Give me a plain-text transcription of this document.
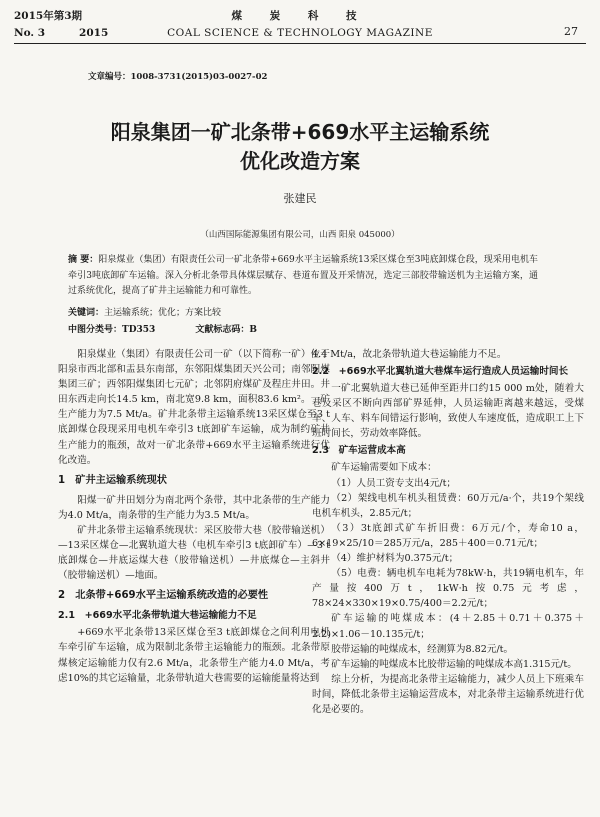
2015年第3期
No. 3	2015
煤 炭 科 技
COAL SCIENCE & TECHNOLOGY MAGAZINE	27
文章编号：1008-3731(2015)03-0027-02
阳泉集团一矿北条带+669水平主运输系统
优化改造方案
张建民
（山西国际能源集团有限公司，山西 阳泉 045000）
摘 要：阳泉煤业（集团）有限责任公司一矿北条带+669水平主运输系统13采区煤仓至3吨底卸煤仓段，现采用电机车牵引3吨底卸矿车运输。深入分析北条带具体煤层赋存、巷道布置及开采情况，选定三部胶带输送机为主运输方案，通过系统优化，提高了矿井主运输能力和可靠性。
关键词：主运输系统；优化；方案比较
中图分类号：TD353	文献标志码：B

阳泉煤业（集团）有限责任公司一矿（以下简称一矿）位于阳泉市西北部和盂县东南部，东邻阳煤集团天兴公司；南邻阳煤集团三矿；西邻阳煤集团七元矿；北邻阴府煤矿及程庄井田。井田东西走向长14.5 km，南北宽9.8 km，面积83.6 km²。一矿生产能力为7.5 Mt/a。矿井北条带主运输系统13采区煤仓至3 t底卸煤仓段现采用电机车牵引3 t底卸矿车运输，成为制约矿井生产能力的瓶颈，故对一矿北条带+669水平主运输系统进行优化改造。

1　矿井主运输系统现状

阳煤一矿井田划分为南北两个条带，其中北条带的生产能力为4.0 Mt/a，南条带的生产能力为3.5 Mt/a。

矿井北条带主运输系统现状：采区胶带大巷（胶带输送机）—13采区煤仓—北翼轨道大巷（电机车牵引3 t底卸矿车）—3 t底卸煤仓—井底运煤大巷（胶带输送机）—井底煤仓—主斜井（胶带输送机）—地面。

2　北条带+669水平主运输系统改造的必要性
2.1　+669水平北条带轨道大巷运输能力不足

+669水平北条带13采区煤仓至3 t底卸煤仓之间利用电机车牵引矿车运输，成为限制北条带主运输能力的瓶颈。北条带原煤核定运输能力仅有2.6 Mt/a，北条带生产能力4.0 Mt/a，考虑10%的其它运输量，北条带轨道大巷需要的运输能量将达到

4.4 Mt/a，故北条带轨道大巷运输能力不足。

2.2　+669水平北翼轨道大巷煤车运行造成人员运输时间长

一矿北翼轨道大巷已延伸至距井口约15 000 m处，随着大巷及采区不断向西部矿界延伸，人员运输距离越来越远，受煤车、人车、料车间错运行影响，致使人车速度低，造成职工上下班时间长，劳动效率降低。

2.3　矿车运营成本高

矿车运输需要如下成本：

（1）人员工资专支出4元/t；

（2）架线电机车机头租赁费：60万元/a·个，共19个架线电机车机头，2.85元/t；

（3）3t底卸式矿车折旧费：6万元/个，寿命10 a，6×19×25/10＝285万元/a，285＋400＝0.71元/t；

（4）维护材料为0.375元/t；

（5）电费：辆电机车电耗为78kW·h，共19辆电机车，年产量按400万t，1kW·h按0.75元考虑，78×24×330×19×0.75/400＝2.2元/t；

矿车运输的吨煤成本：(4＋2.85＋0.71＋0.375＋2.2)×1.06－10.135元/t；

胶带运输的吨煤成本，经测算为8.82元/t。

矿车运输的吨煤成本比胶带运输的吨煤成本高1.315元/t。

综上分析，为提高北条带主运输能力，减少人员上下班乘车时间，降低北条带主运输运营成本，对北条带主运输系统进行优化是必要的。
